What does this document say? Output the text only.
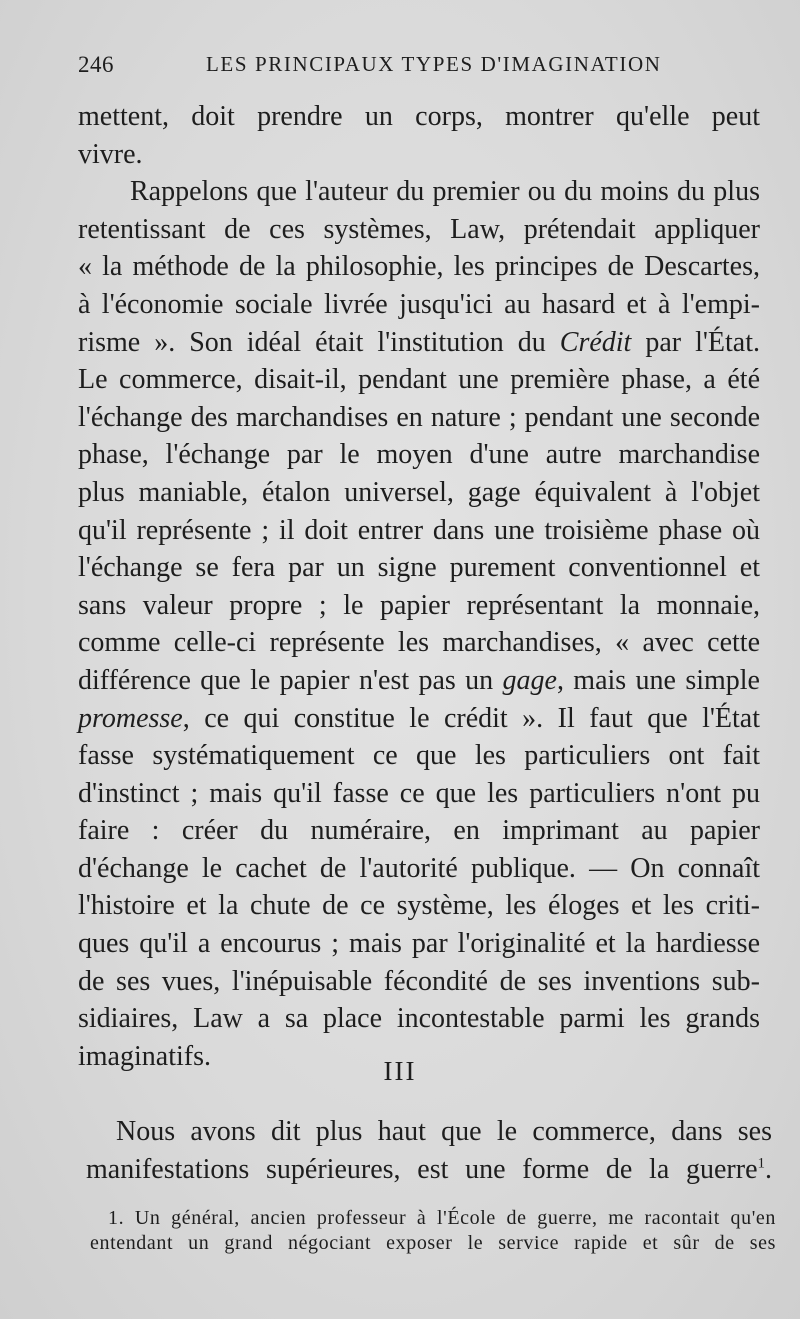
246	LES PRINCIPAUX TYPES D'IMAGINATION

mettent, doit prendre un corps, montrer qu'elle peut
vivre.

Rappelons que l'auteur du premier ou du moins du plus
retentissant de ces systèmes, Law, prétendait appliquer
« la méthode de la philosophie, les principes de Descartes,
à l'économie sociale livrée jusqu'ici au hasard et à l'empi-
risme ». Son idéal était l'institution du Crédit par l'État.
Le commerce, disait-il, pendant une première phase, a été
l'échange des marchandises en nature ; pendant une seconde
phase, l'échange par le moyen d'une autre marchandise
plus maniable, étalon universel, gage équivalent à l'objet
qu'il représente ; il doit entrer dans une troisième phase où
l'échange se fera par un signe purement conventionnel et
sans valeur propre ; le papier représentant la monnaie,
comme celle-ci représente les marchandises, « avec cette
différence que le papier n'est pas un gage, mais une simple
promesse, ce qui constitue le crédit ». Il faut que l'État
fasse systématiquement ce que les particuliers ont fait
d'instinct ; mais qu'il fasse ce que les particuliers n'ont pu
faire : créer du numéraire, en imprimant au papier
d'échange le cachet de l'autorité publique. — On connaît
l'histoire et la chute de ce système, les éloges et les criti-
ques qu'il a encourus ; mais par l'originalité et la hardiesse
de ses vues, l'inépuisable fécondité de ses inventions sub-
sidiaires, Law a sa place incontestable parmi les grands
imaginatifs.	III
Nous avons dit plus haut que le commerce, dans ses
manifestations supérieures, est une forme de la guerre$^1$.
1. Un général, ancien professeur à l'École de guerre, me racontait qu'en
entendant un grand négociant exposer le service rapide et sûr de ses
